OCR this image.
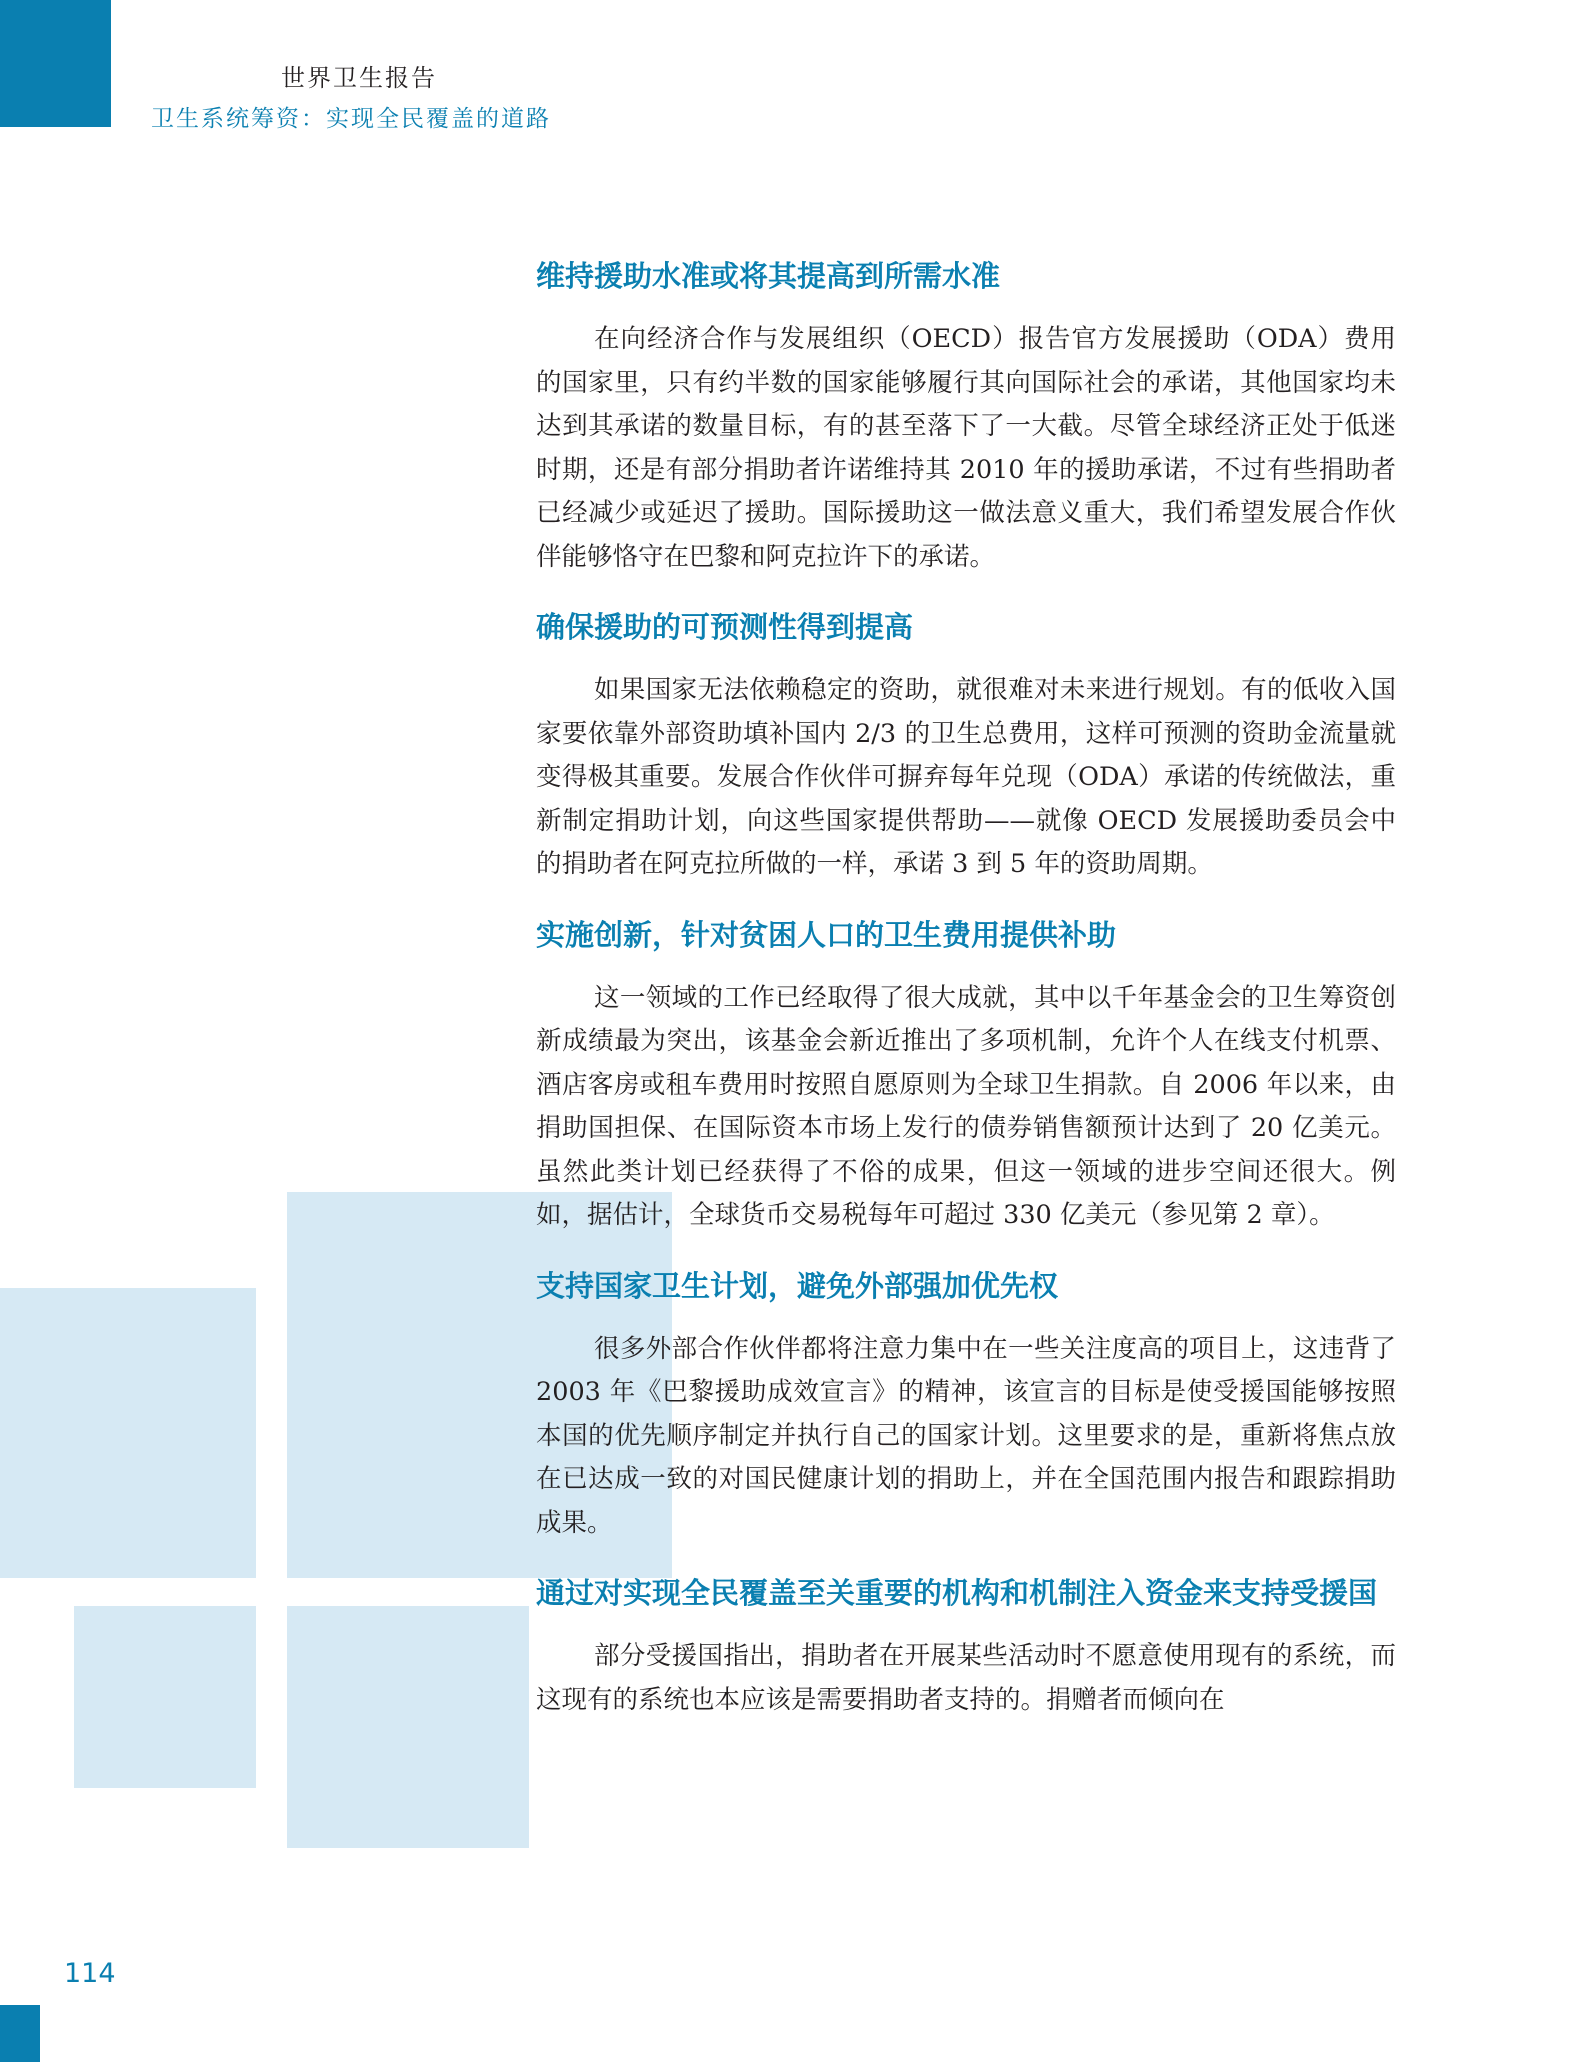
世界卫生报告
卫生系统筹资：实现全民覆盖的道路
维持援助水准或将其提高到所需水准

在向经济合作与发展组织（OECD）报告官方发展援助（ODA）费用的国家里，只有约半数的国家能够履行其向国际社会的承诺，其他国家均未达到其承诺的数量目标，有的甚至落下了一大截。尽管全球经济正处于低迷时期，还是有部分捐助者许诺维持其 2010 年的援助承诺，不过有些捐助者已经减少或延迟了援助。国际援助这一做法意义重大，我们希望发展合作伙伴能够恪守在巴黎和阿克拉许下的承诺。

确保援助的可预测性得到提高

如果国家无法依赖稳定的资助，就很难对未来进行规划。有的低收入国家要依靠外部资助填补国内 2/3 的卫生总费用，这样可预测的资助金流量就变得极其重要。发展合作伙伴可摒弃每年兑现（ODA）承诺的传统做法，重新制定捐助计划，向这些国家提供帮助——就像 OECD 发展援助委员会中的捐助者在阿克拉所做的一样，承诺 3 到 5 年的资助周期。

实施创新，针对贫困人口的卫生费用提供补助

这一领域的工作已经取得了很大成就，其中以千年基金会的卫生筹资创新成绩最为突出，该基金会新近推出了多项机制，允许个人在线支付机票、酒店客房或租车费用时按照自愿原则为全球卫生捐款。自 2006 年以来，由捐助国担保、在国际资本市场上发行的债券销售额预计达到了 20 亿美元。虽然此类计划已经获得了不俗的成果，但这一领域的进步空间还很大。例如，据估计，全球货币交易税每年可超过 330 亿美元（参见第 2 章）。

支持国家卫生计划，避免外部强加优先权

很多外部合作伙伴都将注意力集中在一些关注度高的项目上，这违背了 2003 年《巴黎援助成效宣言》的精神，该宣言的目标是使受援国能够按照本国的优先顺序制定并执行自己的国家计划。这里要求的是，重新将焦点放在已达成一致的对国民健康计划的捐助上，并在全国范围内报告和跟踪捐助成果。

通过对实现全民覆盖至关重要的机构和机制注入资金来支持受援国

部分受援国指出，捐助者在开展某些活动时不愿意使用现有的系统，而这现有的系统也本应该是需要捐助者支持的。捐赠者而倾向在

114
